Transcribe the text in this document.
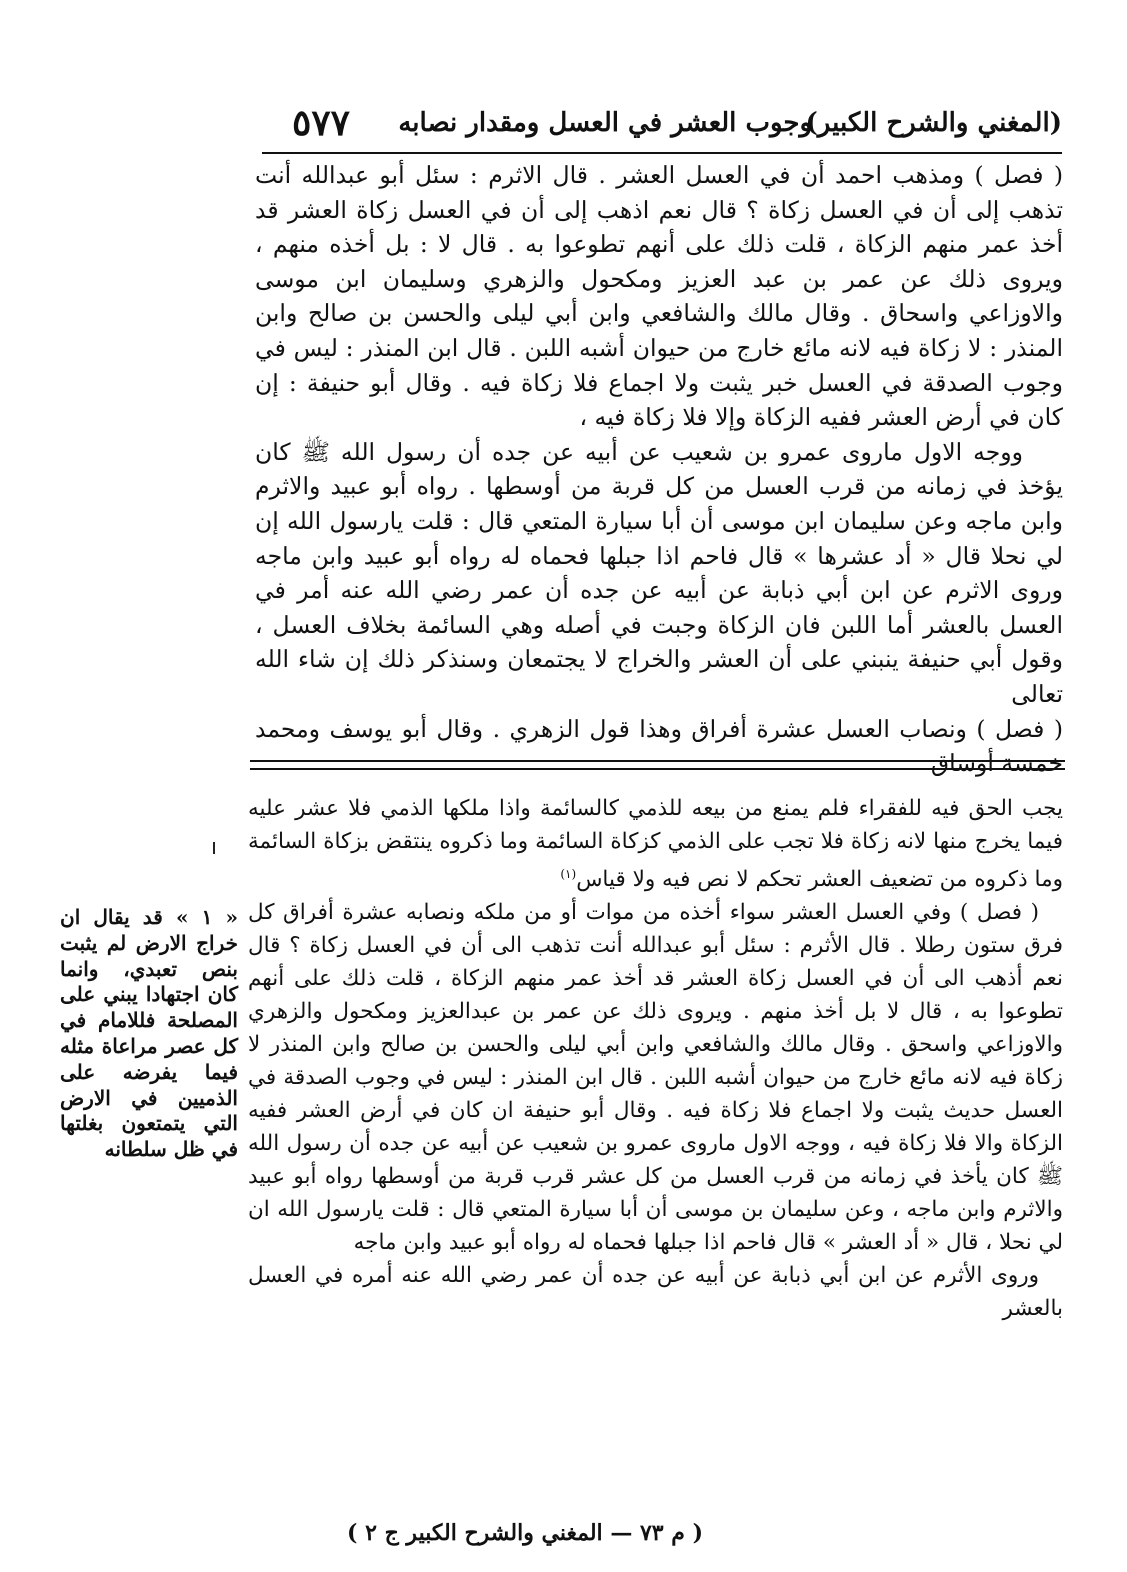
(المغني والشرح الكبير)
وجوب العشر في العسل ومقدار نصابه
٥٧٧

( فصل ) ومذهب احمد أن في العسل العشر . قال الاثرم : سئل أبو عبدالله أنت تذهب إلى أن في العسل زكاة ؟ قال نعم اذهب إلى أن في العسل زكاة العشر قد أخذ عمر منهم الزكاة ، قلت ذلك على أنهم تطوعوا به . قال لا : بل أخذه منهم ، ويروى ذلك عن عمر بن عبد العزيز ومكحول والزهري وسليمان ابن موسى والاوزاعي واسحاق . وقال مالك والشافعي وابن أبي ليلى والحسن بن صالح وابن المنذر : لا زكاة فيه لانه مائع خارج من حيوان أشبه اللبن . قال ابن المنذر : ليس في وجوب الصدقة في العسل خبر يثبت ولا اجماع فلا زكاة فيه . وقال أبو حنيفة : إن كان في أرض العشر ففيه الزكاة وإلا فلا زكاة فيه ،

ووجه الاول ماروى عمرو بن شعيب عن أبيه عن جده أن رسول الله ﷺ كان يؤخذ في زمانه من قرب العسل من كل قربة من أوسطها . رواه أبو عبيد والاثرم وابن ماجه وعن سليمان ابن موسى أن أبا سيارة المتعي قال : قلت يارسول الله إن لي نحلا قال « أد عشرها » قال فاحم اذا جبلها فحماه له رواه أبو عبيد وابن ماجه وروى الاثرم عن ابن أبي ذبابة عن أبيه عن جده أن عمر رضي الله عنه أمر في العسل بالعشر أما اللبن فان الزكاة وجبت في أصله وهي السائمة بخلاف العسل ، وقول أبي حنيفة ينبني على أن العشر والخراج لا يجتمعان وسنذكر ذلك إن شاء الله تعالى

( فصل ) ونصاب العسل عشرة أفراق وهذا قول الزهري . وقال أبو يوسف ومحمد خمسة أوساق

يجب الحق فيه للفقراء فلم يمنع من بيعه للذمي كالسائمة واذا ملكها الذمي فلا عشر عليه فيما يخرج منها لانه زكاة فلا تجب على الذمي كزكاة السائمة وما ذكروه ينتقض بزكاة السائمة وما ذكروه من تضعيف العشر تحكم لا نص فيه ولا قياس$^{(١)}$

( فصل ) وفي العسل العشر سواء أخذه من موات أو من ملكه ونصابه عشرة أفراق كل فرق ستون رطلا . قال الأثرم : سئل أبو عبدالله أنت تذهب الى أن في العسل زكاة ؟ قال نعم أذهب الى أن في العسل زكاة العشر قد أخذ عمر منهم الزكاة ، قلت ذلك على أنهم تطوعوا به ، قال لا بل أخذ منهم . ويروى ذلك عن عمر بن عبدالعزيز ومكحول والزهري والاوزاعي واسحق . وقال مالك والشافعي وابن أبي ليلى والحسن بن صالح وابن المنذر لا زكاة فيه لانه مائع خارج من حيوان أشبه اللبن . قال ابن المنذر : ليس في وجوب الصدقة في العسل حديث يثبت ولا اجماع فلا زكاة فيه . وقال أبو حنيفة ان كان في أرض العشر ففيه الزكاة والا فلا زكاة فيه ، ووجه الاول ماروى عمرو بن شعيب عن أبيه عن جده أن رسول الله ﷺ كان يأخذ في زمانه من قرب العسل من كل عشر قرب قربة من أوسطها رواه أبو عبيد والاثرم وابن ماجه ، وعن سليمان بن موسى أن أبا سيارة المتعي قال : قلت يارسول الله ان لي نحلا ، قال « أد العشر » قال فاحم اذا جبلها فحماه له رواه أبو عبيد وابن ماجه

وروى الأثرم عن ابن أبي ذبابة عن أبيه عن جده أن عمر رضي الله عنه أمره في العسل بالعشر

« ١ » قد يقال ان خراج الارض لم يثبت بنص تعبدي، وانما كان اجتهادا يبني على المصلحة فللامام في كل عصر مراعاة مثله فيما يفرضه على الذميين في الارض التي يتمتعون بغلتها في ظل سلطانه
( م ٧٣ — المغني والشرح الكبير ج ٢ )
